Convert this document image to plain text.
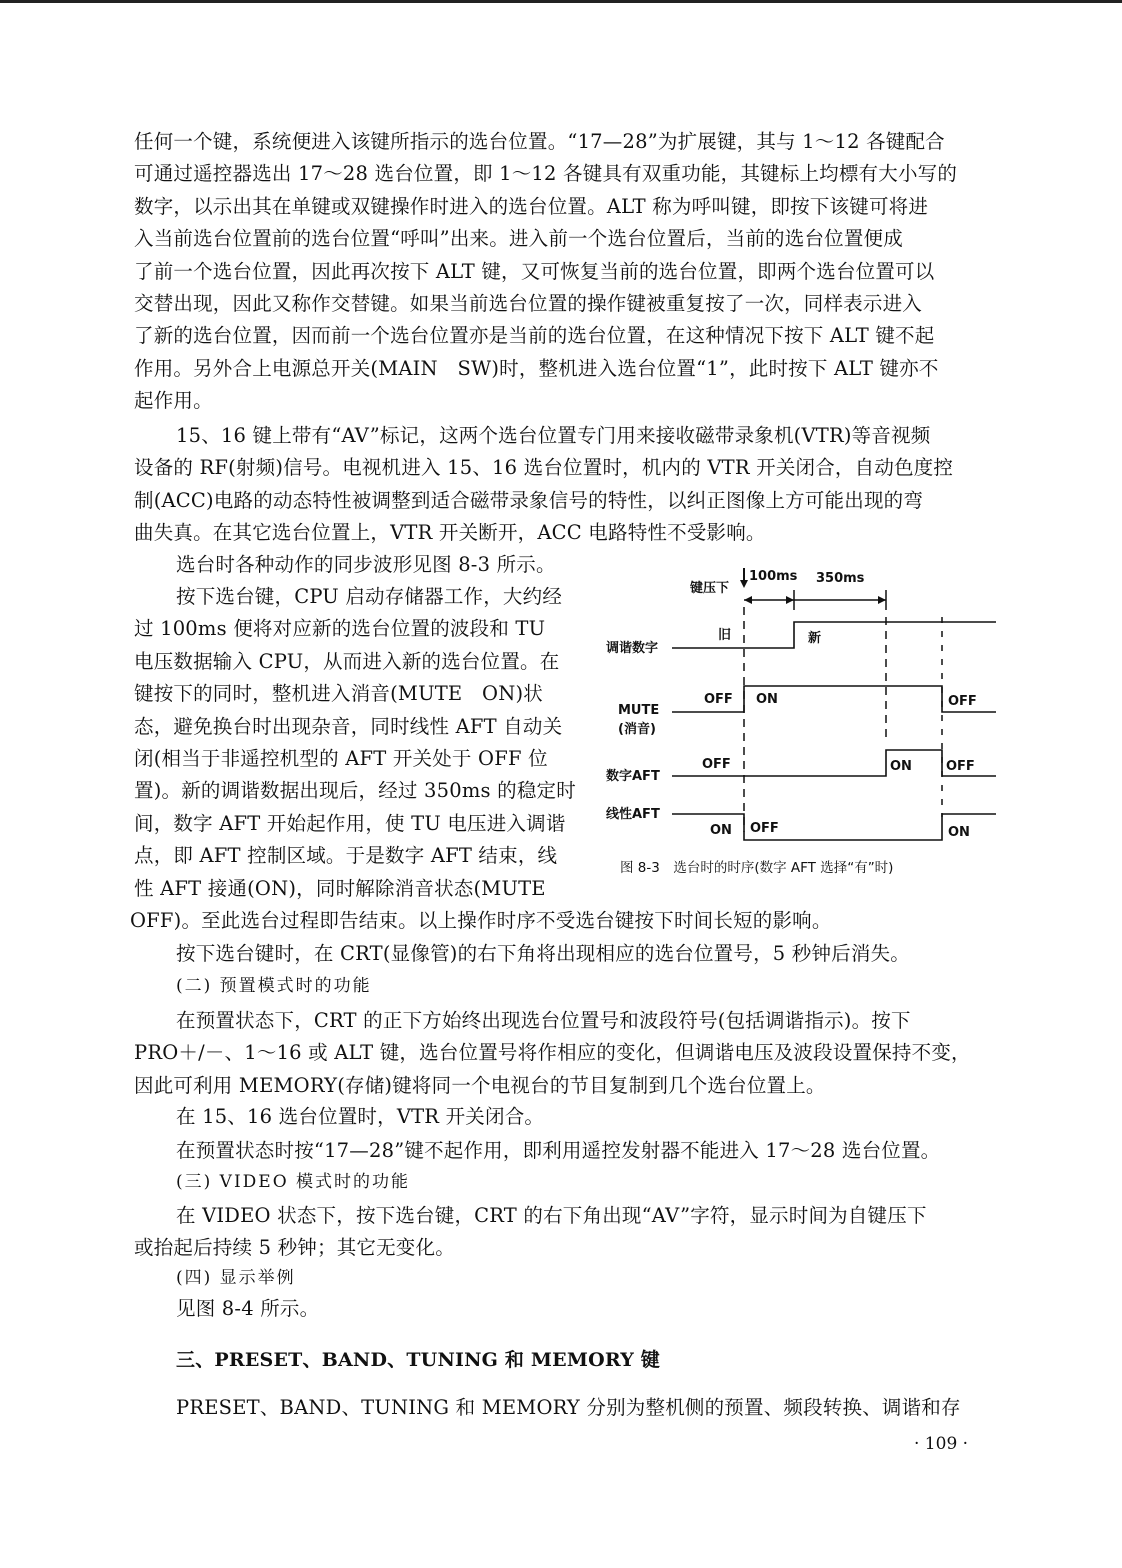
任何一个键，系统便进入该键所指示的选台位置。“17—28”为扩展键，其与 1～12 各键配合
可通过遥控器选出 17～28 选台位置，即 1～12 各键具有双重功能，其键标上均標有大小写的
数字，以示出其在单键或双键操作时进入的选台位置。ALT 称为呼叫键，即按下该键可将进
入当前选台位置前的选台位置“呼叫”出来。进入前一个选台位置后，当前的选台位置便成
了前一个选台位置，因此再次按下 ALT 键，又可恢复当前的选台位置，即两个选台位置可以
交替出现，因此又称作交替键。如果当前选台位置的操作键被重复按了一次，同样表示进入
了新的选台位置，因而前一个选台位置亦是当前的选台位置，在这种情况下按下 ALT 键不起
作用。另外合上电源总开关(MAIN　SW)时，整机进入选台位置“1”，此时按下 ALT 键亦不
起作用。
15、16 键上带有“AV”标记，这两个选台位置专门用来接收磁带录象机(VTR)等音视频
设备的 RF(射频)信号。电视机进入 15、16 选台位置时，机内的 VTR 开关闭合，自动色度控
制(ACC)电路的动态特性被调整到适合磁带录象信号的特性，以纠正图像上方可能出现的弯
曲失真。在其它选台位置上，VTR 开关断开，ACC 电路特性不受影响。
选台时各种动作的同步波形见图 8-3 所示。
按下选台键，CPU 启动存储器工作，大约经
过 100ms 便将对应新的选台位置的波段和 TU
电压数据输入 CPU，从而进入新的选台位置。在
键按下的同时，整机进入消音(MUTE　ON)状
态，避免换台时出现杂音，同时线性 AFT 自动关
闭(相当于非遥控机型的 AFT 开关处于 OFF 位
置)。新的调谐数据出现后，经过 350ms 的稳定时
间，数字 AFT 开始起作用，使 TU 电压进入调谐
点，即 AFT 控制区域。于是数字 AFT 结束，线
性 AFT 接通(ON)，同时解除消音状态(MUTE
键压下
100ms 350ms
调谐数字
旧	新
MUTE
(消音)
OFF ON	OFF
数字AFT
OFF	ON	OFF
线性AFT
ON OFF	ON
图 8-3　选台时的时序(数字 AFT 选择“有”时)
OFF)。至此选台过程即告结束。以上操作时序不受选台键按下时间长短的影响。
按下选台键时，在 CRT(显像管)的右下角将出现相应的选台位置号，5 秒钟后消失。
(二) 预置模式时的功能
在预置状态下，CRT 的正下方始终出现选台位置号和波段符号(包括调谐指示)。按下
PRO＋/－、1～16 或 ALT 键，选台位置号将作相应的变化，但调谐电压及波段设置保持不变，
因此可利用 MEMORY(存储)键将同一个电视台的节目复制到几个选台位置上。
在 15、16 选台位置时，VTR 开关闭合。
在预置状态时按“17—28”键不起作用，即利用遥控发射器不能进入 17～28 选台位置。
(三) VIDEO 模式时的功能
在 VIDEO 状态下，按下选台键，CRT 的右下角出现“AV”字符，显示时间为自键压下
或抬起后持续 5 秒钟；其它无变化。
(四) 显示举例
见图 8-4 所示。
三、PRESET、BAND、TUNING 和 MEMORY 键
PRESET、BAND、TUNING 和 MEMORY 分别为整机侧的预置、频段转换、调谐和存
· 109 ·
